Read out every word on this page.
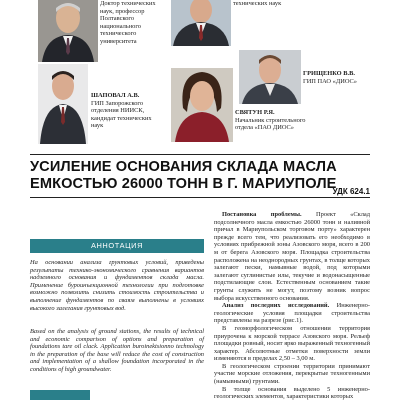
Доктор технических наук, профессор Полтавского национального технического университета
технических наук
ГРИЩЕНКО В.В.
ГИП ПАО «ДИОС»
ШАПОВАЛ А.В.
ГИП Запорожского отделения НИИСК, кандидат технических наук
СВЯТУН Р.Я.
Начальник строительного отдела «ПАО ДИОС»
УСИЛЕНИЕ ОСНОВАНИЯ СКЛАДА МАСЛА ЕМКОСТЬЮ 26000 ТОНН В Г. МАРИУПОЛЕ
УДК 624.1
АННОТАЦИЯ

На основании анализа грунтовых условий, приведены результаты технико-экономического сравнения вариантов надземного основания и фундаментов склада масла. Применение буроинъекционной технологии при подготовке возможно позволить снизить стоимость строительства и выполнение фундаментов по сваям выполнены в условиях высокого залегания грунтовых вод.

Based on the analysis of ground stations, the results of technical and economic comparison of options and preparation of foundations tare oil clack. Application buroinektsionno technology in the preparation of the base will reduce the cost of construction and implementation of a shallow foundation incorporated in the conditions of high groundwater.

Постановка проблемы. Проект «Склад подсолнечного масла емкостью 26000 тонн и наливной причал в Мариупольском торговом порту» характерен прежде всего тем, что реализовать его необходимо в условиях прибрежной зоны Азовского моря, всего в 200 м от берега Азовского моря. Площадка строительства расположена на неоднородных грунтах, в толще которых залегают пески, намывные водой, под которыми залегают суглинистые илы, текучие и водонасыщенные подстилающие слои. Естественным основанием такие грунты служить не могут, поэтому возник вопрос выбора искусственного основания.

Анализ последних исследований. Инженерно-геологические условия площадки строительства представлены на разрезе (рис.1).

В геоморфологическом отношении территория приурочена к морской террасе Азовского моря. Рельеф площадки ровный, носит ярко выраженный техногенный характер. Абсолютные отметки поверхности земли изменяются в пределах 2,50 – 3,00 м.

В геологическом строении территории принимают участие морские отложения, перекрытые техногенными (намывными) грунтами.

В толще основания выделено 5 инженерно-геологических элементов, характеристики которых
